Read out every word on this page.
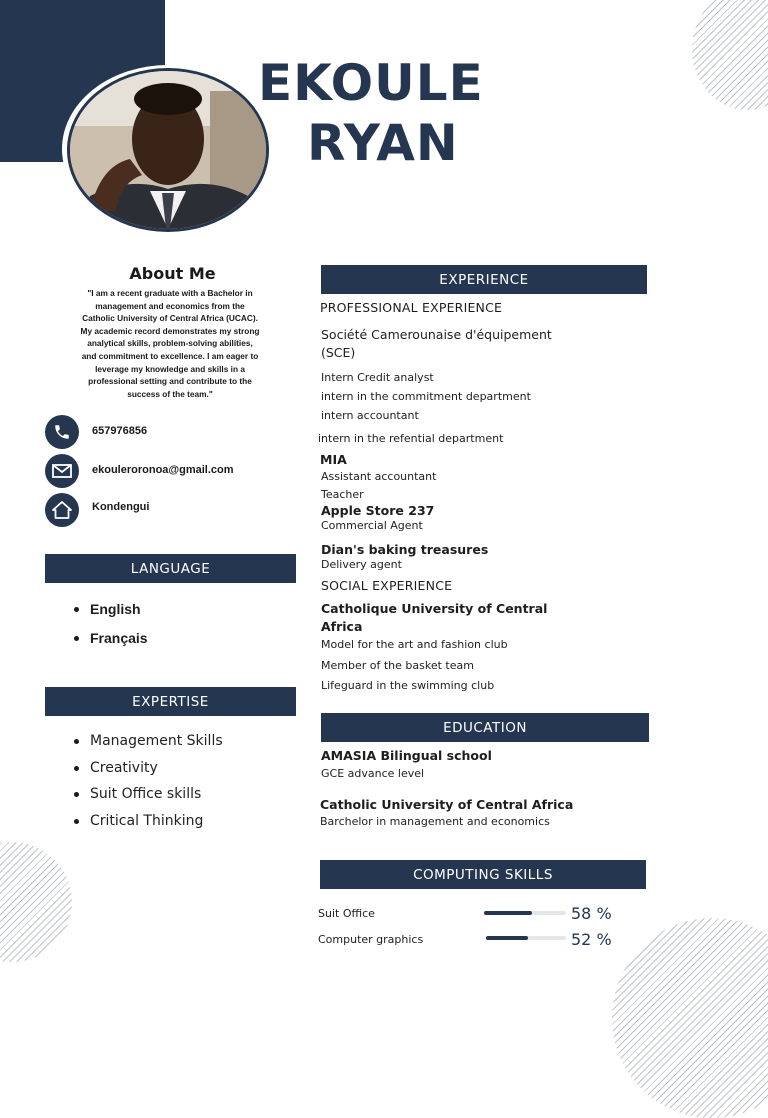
EKOULE
RYAN
About Me
"I am a recent graduate with a Bachelor in management and economics from the Catholic University of Central Africa (UCAC). My academic record demonstrates my strong analytical skills, problem-solving abilities, and commitment to excellence. I am eager to leverage my knowledge and skills in a professional setting and contribute to the success of the team."
657976856
ekouleroronoa@gmail.com
Kondengui
LANGUAGE
English
Français
EXPERTISE
Management Skills
Creativity
Suit Office skills
Critical Thinking
EXPERIENCE
PROFESSIONAL EXPERIENCE
Société Camerounaise d'équipement
(SCE)
Intern Credit analyst
intern in the commitment department
intern accountant
intern in the refential department
MIA
Assistant accountant
Teacher
Apple Store 237
Commercial Agent
Dian's baking treasures
Delivery agent
SOCIAL EXPERIENCE
Catholique University of Central
Africa
Model for the art and fashion club
Member of the basket team
Lifeguard in the swimming club
EDUCATION
AMASIA Bilingual school
GCE advance level
Catholic University of Central Africa
Barchelor in management and economics
COMPUTING SKILLS
Suit Office	58 %
Computer graphics	52 %
